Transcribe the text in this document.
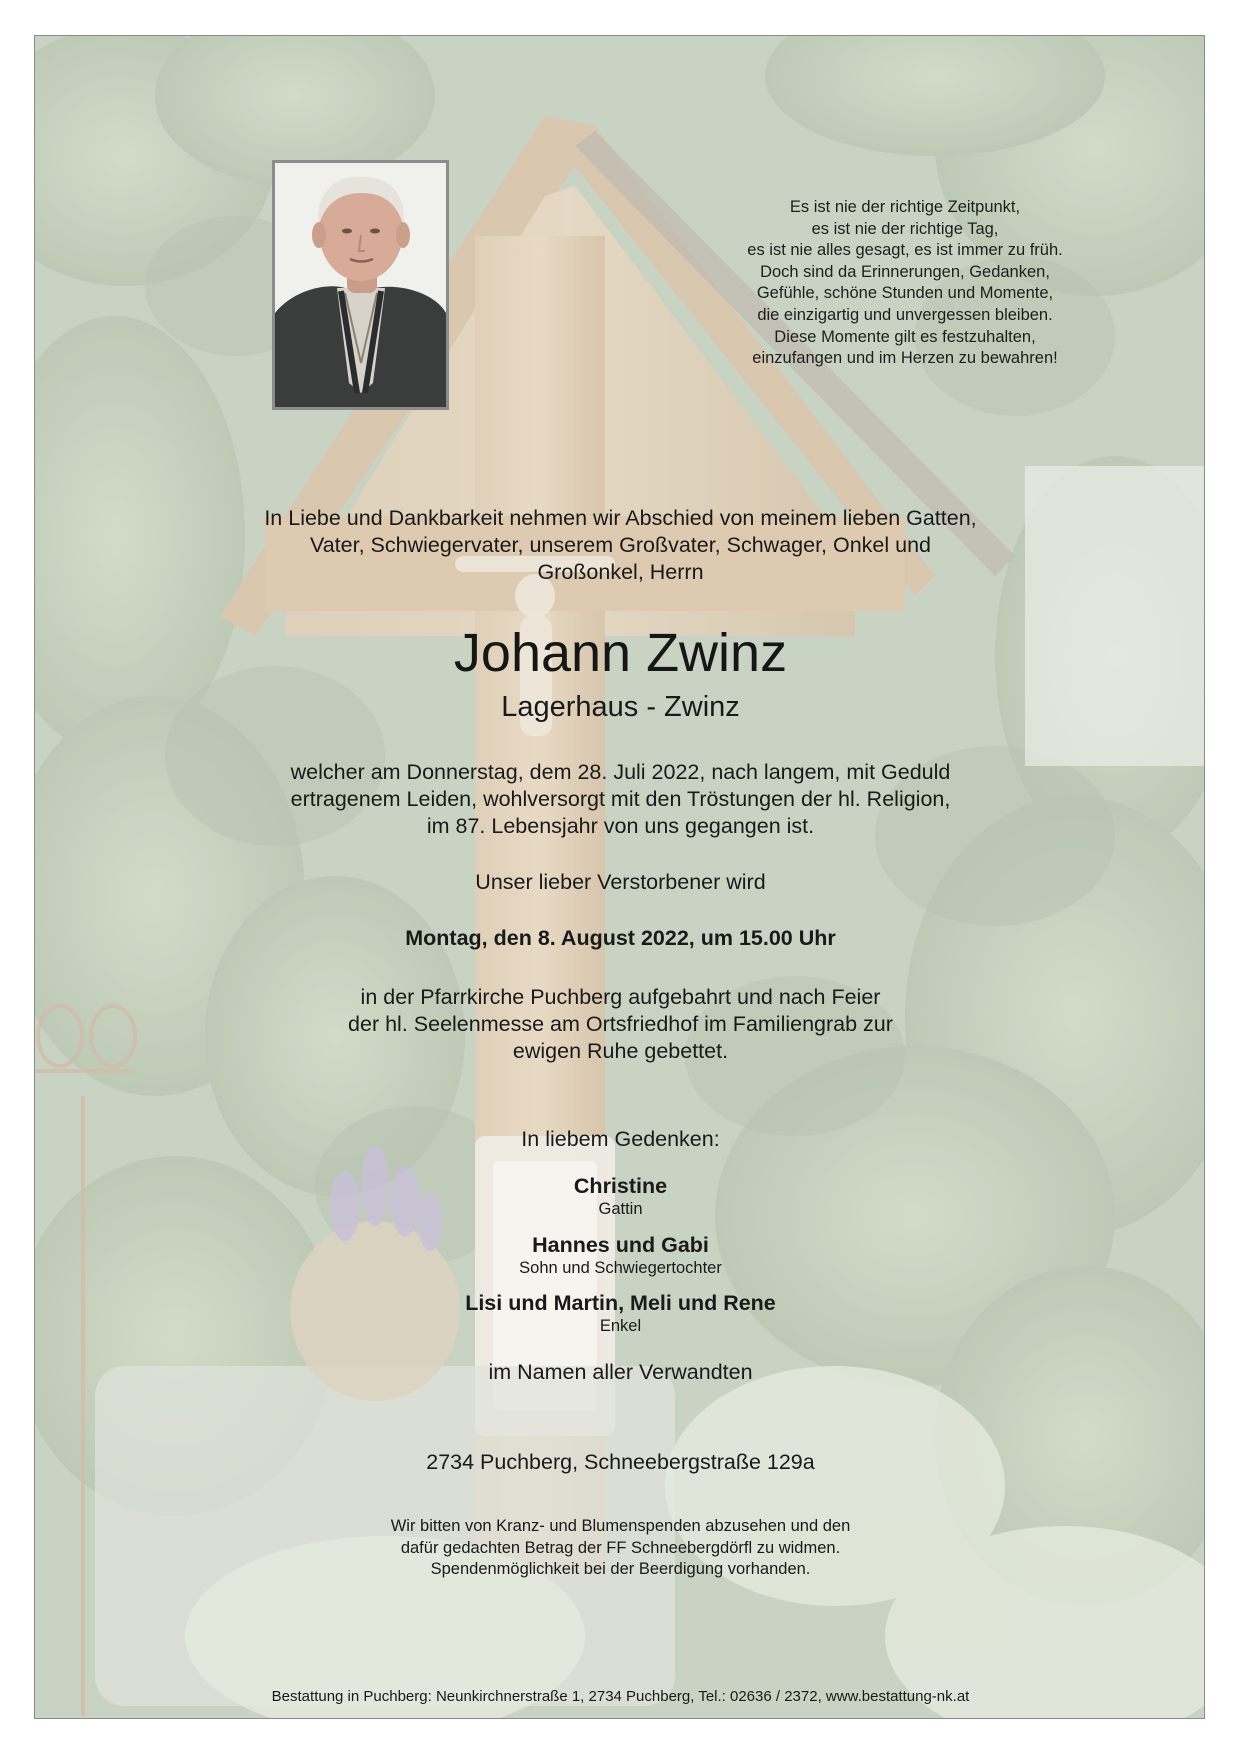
Es ist nie der richtige Zeitpunkt,
es ist nie der richtige Tag,
es ist nie alles gesagt, es ist immer zu früh.
Doch sind da Erinnerungen, Gedanken,
Gefühle, schöne Stunden und Momente,
die einzigartig und unvergessen bleiben.
Diese Momente gilt es festzuhalten,
einzufangen und im Herzen zu bewahren!
In Liebe und Dankbarkeit nehmen wir Abschied von meinem lieben Gatten,
Vater, Schwiegervater, unserem Großvater, Schwager, Onkel und
Großonkel, Herrn
Johann Zwinz
Lagerhaus - Zwinz
welcher am Donnerstag, dem 28. Juli 2022, nach langem, mit Geduld
ertragenem Leiden, wohlversorgt mit den Tröstungen der hl. Religion,
im 87. Lebensjahr von uns gegangen ist.
Unser lieber Verstorbener wird
Montag, den 8. August 2022, um 15.00 Uhr
in der Pfarrkirche Puchberg aufgebahrt und nach Feier
der hl. Seelenmesse am Ortsfriedhof im Familiengrab zur
ewigen Ruhe gebettet.
In liebem Gedenken:
Christine
Gattin
Hannes und Gabi
Sohn und Schwiegertochter
Lisi und Martin, Meli und Rene
Enkel
im Namen aller Verwandten
2734 Puchberg, Schneebergstraße 129a
Wir bitten von Kranz- und Blumenspenden abzusehen und den
dafür gedachten Betrag der FF Schneebergdörfl zu widmen.
Spendenmöglichkeit bei der Beerdigung vorhanden.
Bestattung in Puchberg: Neunkirchnerstraße 1, 2734 Puchberg, Tel.: 02636 / 2372, www.bestattung-nk.at
